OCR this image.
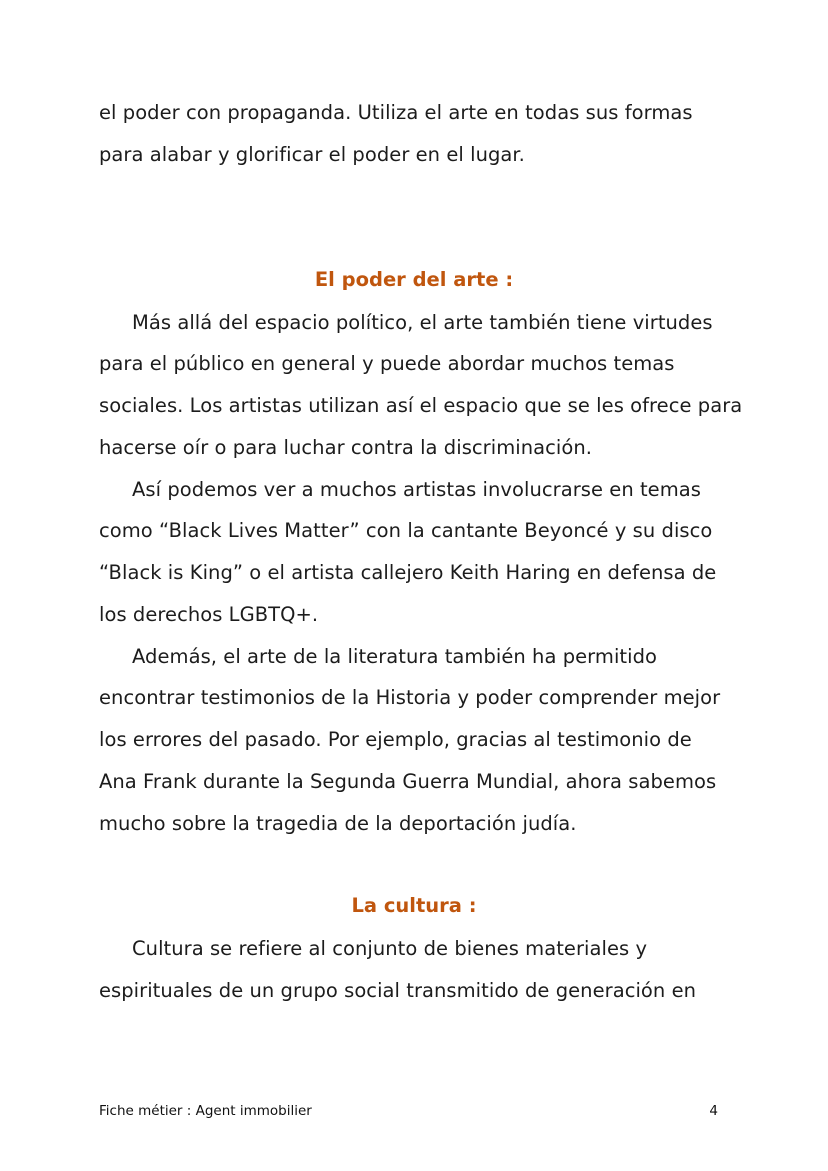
el poder con propaganda. Utiliza el arte en todas sus formas
para alabar y glorificar el poder en el lugar.
El poder del arte :
Más allá del espacio político, el arte también tiene virtudes
para el público en general y puede abordar muchos temas
sociales. Los artistas utilizan así el espacio que se les ofrece para
hacerse oír o para luchar contra la discriminación.
Así podemos ver a muchos artistas involucrarse en temas
como “Black Lives Matter” con la cantante Beyoncé y su disco
“Black is King” o el artista callejero Keith Haring en defensa de
los derechos LGBTQ+.
Además, el arte de la literatura también ha permitido
encontrar testimonios de la Historia y poder comprender mejor
los errores del pasado. Por ejemplo, gracias al testimonio de
Ana Frank durante la Segunda Guerra Mundial, ahora sabemos
mucho sobre la tragedia de la deportación judía.
La cultura :
Cultura se refiere al conjunto de bienes materiales y
espirituales de un grupo social transmitido de generación en
Fiche métier : Agent immobilier	4
